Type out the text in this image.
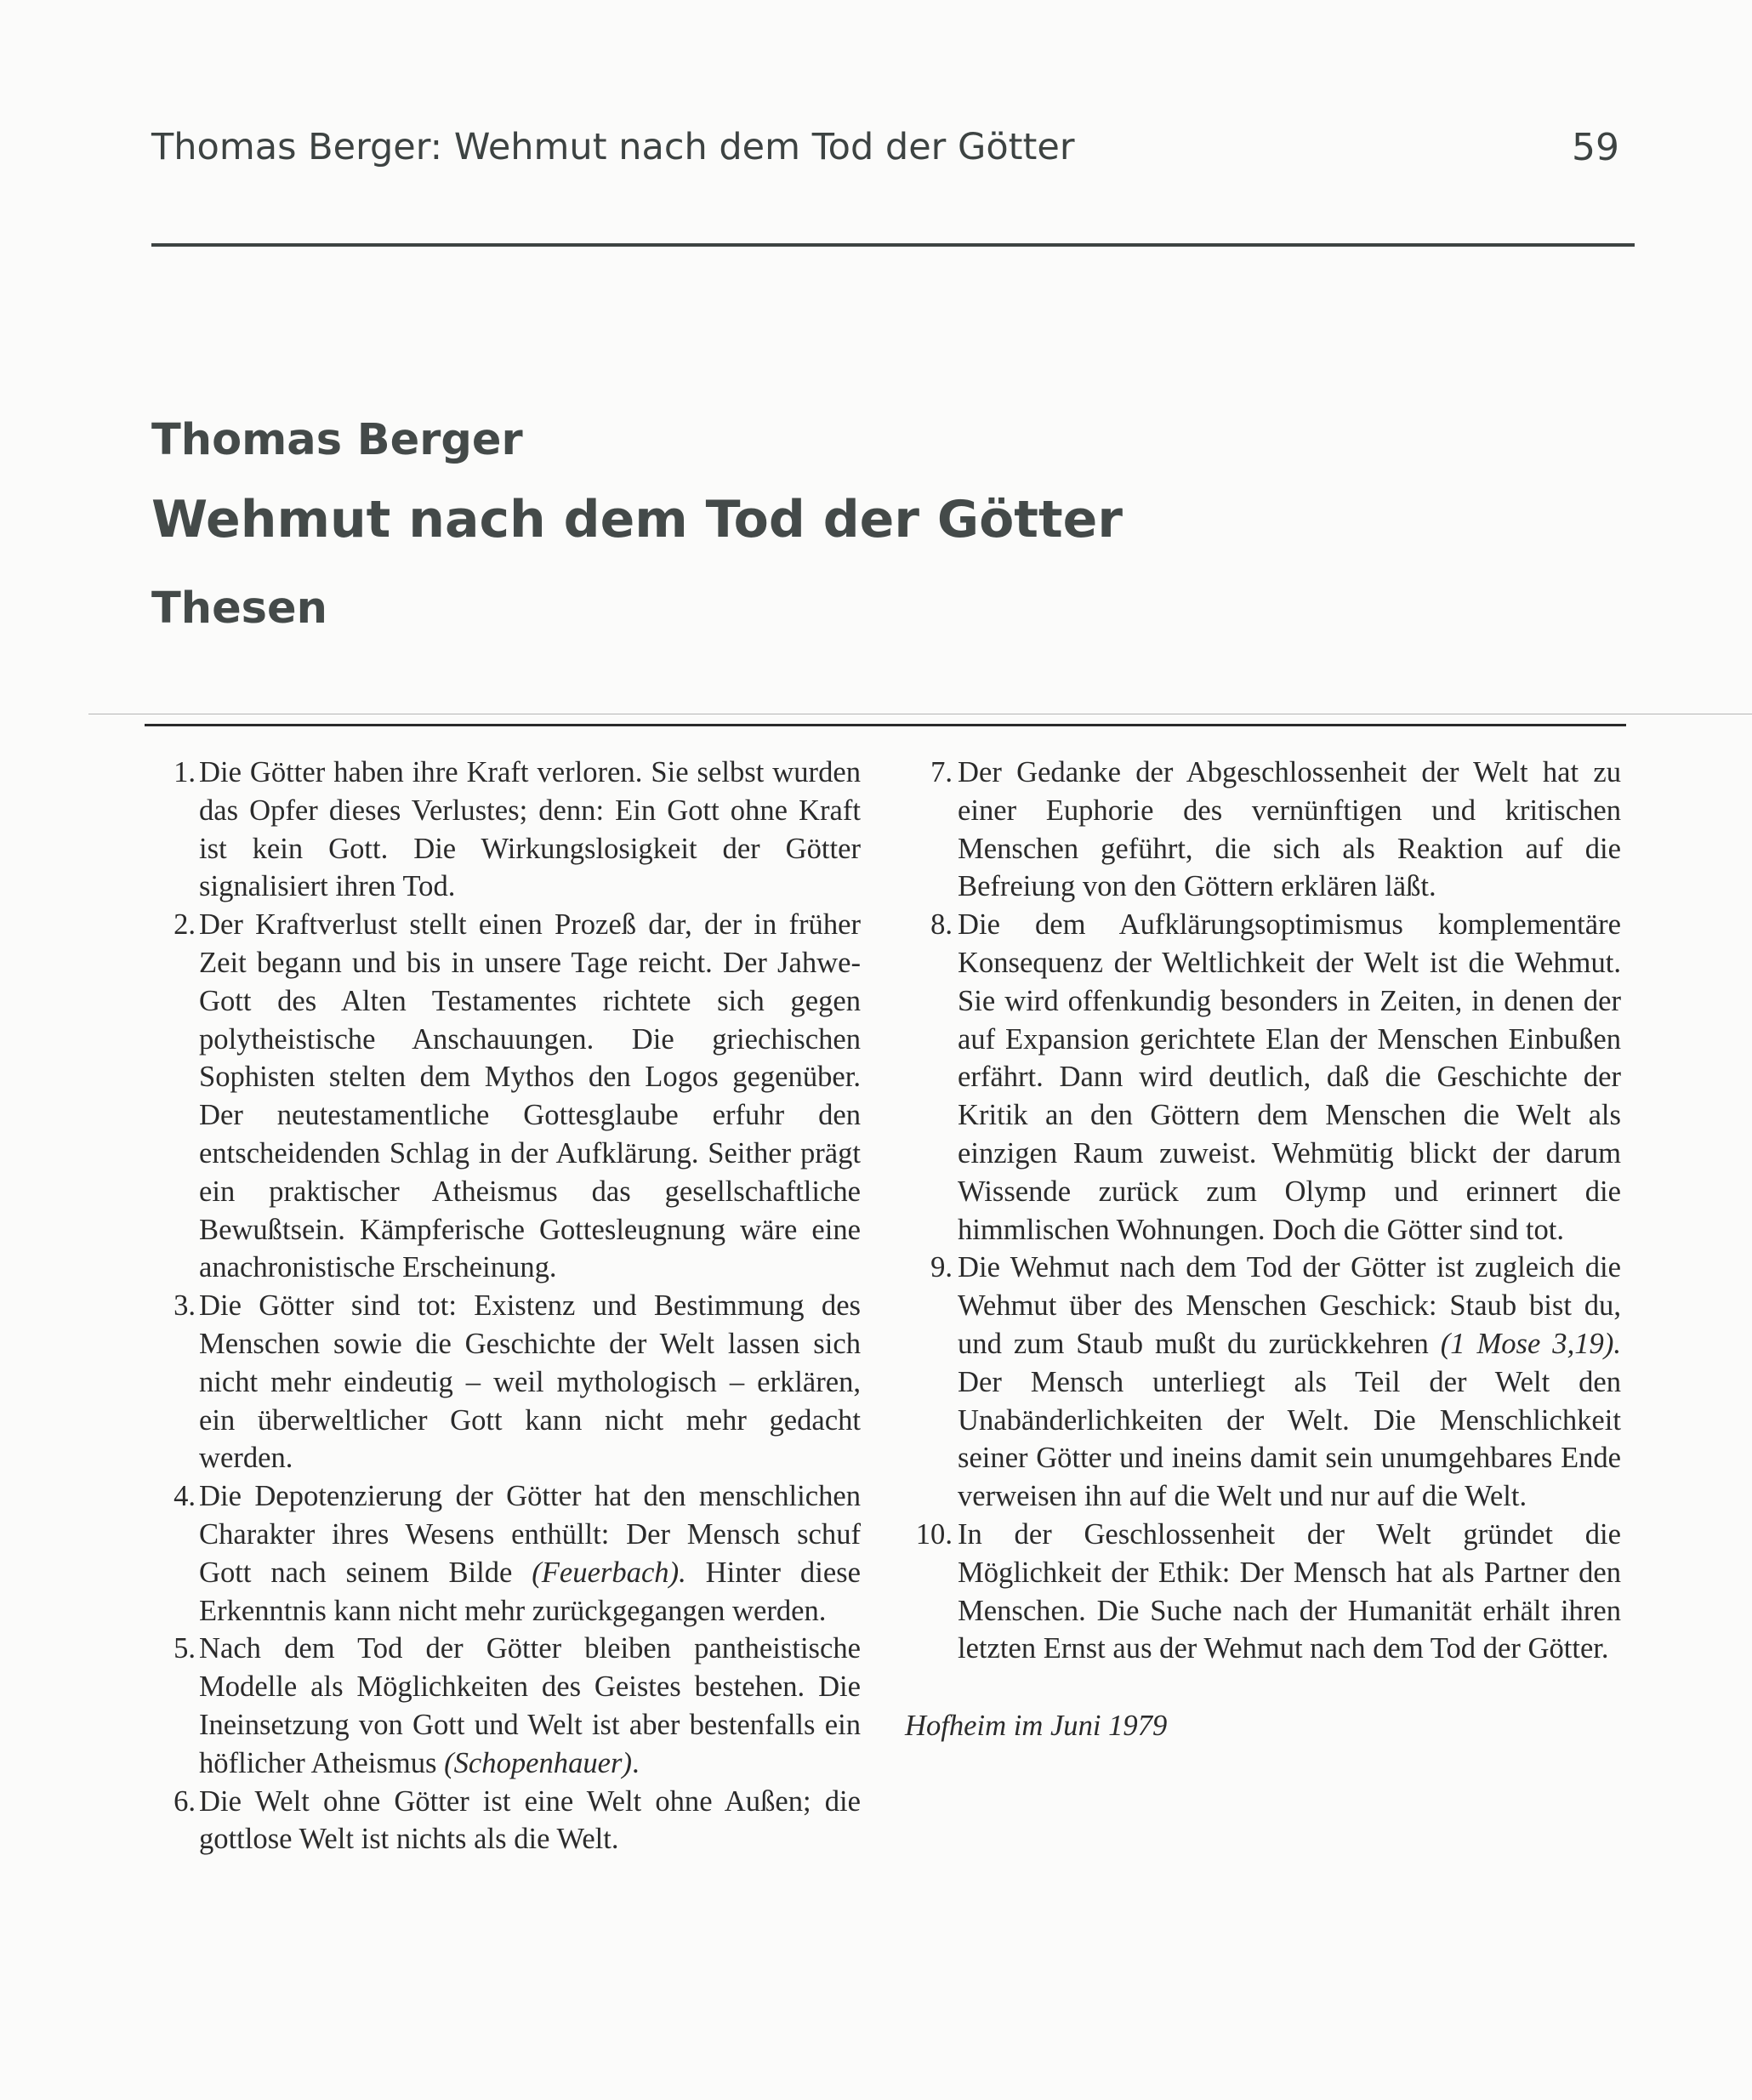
Thomas Berger: Wehmut nach dem Tod der Götter	59
Thomas Berger
Wehmut nach dem Tod der Götter
Thesen
1. Die Götter haben ihre Kraft verloren. Sie selbst wurden das Opfer dieses Verlustes; denn: Ein Gott ohne Kraft ist kein Gott. Die Wirkungslosigkeit der Götter signalisiert ihren Tod.
2. Der Kraftverlust stellt einen Prozeß dar, der in früher Zeit begann und bis in unsere Tage reicht. Der Jahwe-Gott des Alten Testamentes richtete sich gegen polytheistische Anschauungen. Die griechischen Sophisten stelten dem Mythos den Logos gegenüber. Der neutestamentliche Gottesglaube erfuhr den entscheidenden Schlag in der Aufklärung. Seither prägt ein praktischer Atheismus das gesellschaftliche Bewußtsein. Kämpferische Gottesleugnung wäre eine anachronistische Erscheinung.
3. Die Götter sind tot: Existenz und Bestimmung des Menschen sowie die Geschichte der Welt lassen sich nicht mehr eindeutig – weil mythologisch – erklären, ein überweltlicher Gott kann nicht mehr gedacht werden.
4. Die Depotenzierung der Götter hat den menschlichen Charakter ihres Wesens enthüllt: Der Mensch schuf Gott nach seinem Bilde (Feuerbach). Hinter diese Erkenntnis kann nicht mehr zurückgegangen werden.
5. Nach dem Tod der Götter bleiben pantheistische Modelle als Möglichkeiten des Geistes bestehen. Die Ineinsetzung von Gott und Welt ist aber bestenfalls ein höflicher Atheismus (Schopenhauer).
6. Die Welt ohne Götter ist eine Welt ohne Außen; die gottlose Welt ist nichts als die Welt.
7. Der Gedanke der Abgeschlossenheit der Welt hat zu einer Euphorie des vernünftigen und kritischen Menschen geführt, die sich als Reaktion auf die Befreiung von den Göttern erklären läßt.
8. Die dem Aufklärungsoptimismus komplementäre Konsequenz der Weltlichkeit der Welt ist die Wehmut. Sie wird offenkundig besonders in Zeiten, in denen der auf Expansion gerichtete Elan der Menschen Einbußen erfährt. Dann wird deutlich, daß die Geschichte der Kritik an den Göttern dem Menschen die Welt als einzigen Raum zuweist. Wehmütig blickt der darum Wissende zurück zum Olymp und erinnert die himmlischen Wohnungen. Doch die Götter sind tot.
9. Die Wehmut nach dem Tod der Götter ist zugleich die Wehmut über des Menschen Geschick: Staub bist du, und zum Staub mußt du zurückkehren (1 Mose 3,19). Der Mensch unterliegt als Teil der Welt den Unabänderlichkeiten der Welt. Die Menschlichkeit seiner Götter und ineins damit sein unumgehbares Ende verweisen ihn auf die Welt und nur auf die Welt.
10. In der Geschlossenheit der Welt gründet die Möglichkeit der Ethik: Der Mensch hat als Partner den Menschen. Die Suche nach der Humanität erhält ihren letzten Ernst aus der Wehmut nach dem Tod der Götter.
Hofheim im Juni 1979
